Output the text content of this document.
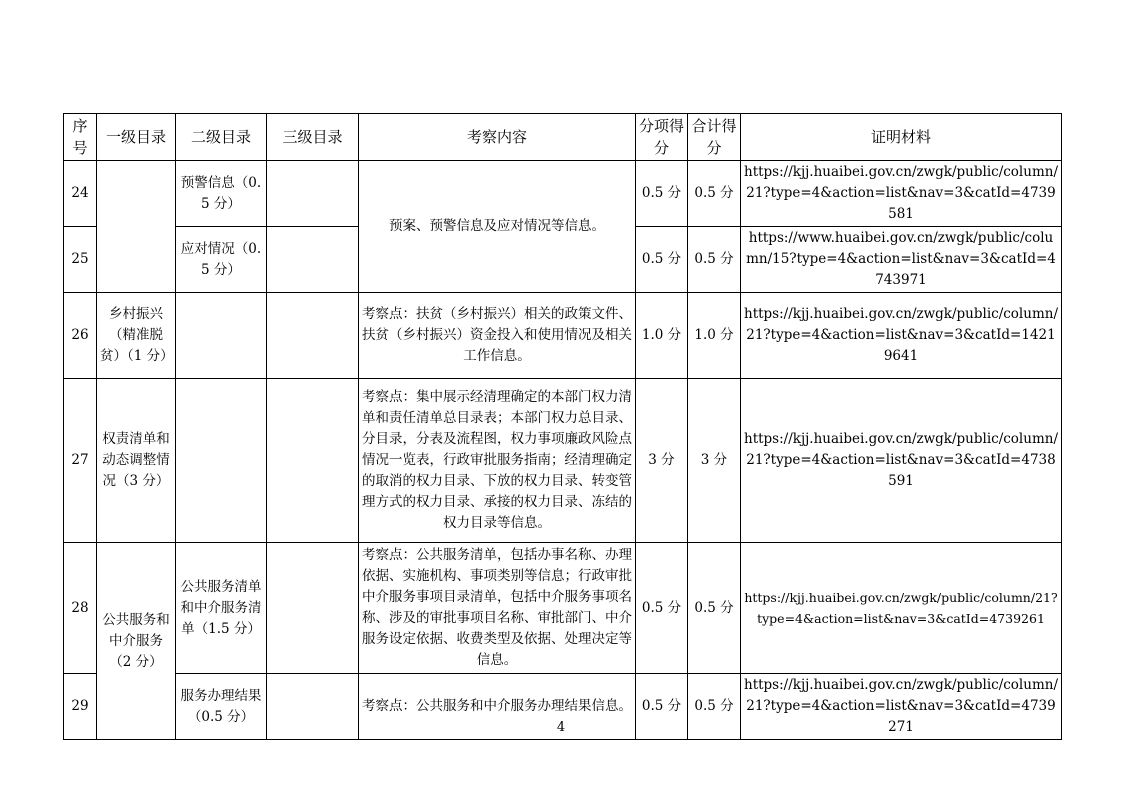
序号	一级目录	二级目录	三级目录	考察内容	分项得分	合计得分	证明材料
24		预警信息（0.5 分）		预案、预警信息及应对情况等信息。	0.5 分	0.5 分	https://kjj.huaibei.gov.cn/zwgk/public/column/21?type=4&action=list&nav=3&catId=4739581
25		应对情况（0.5 分）			0.5 分	0.5 分	https://www.huaibei.gov.cn/zwgk/public/column/15?type=4&action=list&nav=3&catId=4743971
26	乡村振兴（精准脱贫）（1 分）			考察点：扶贫（乡村振兴）相关的政策文件、扶贫（乡村振兴）资金投入和使用情况及相关工作信息。	1.0 分	1.0 分	https://kjj.huaibei.gov.cn/zwgk/public/column/21?type=4&action=list&nav=3&catId=14219641
27	权责清单和动态调整情况（3 分）			考察点：集中展示经清理确定的本部门权力清单和责任清单总目录表；本部门权力总目录、分目录，分表及流程图，权力事项廉政风险点情况一览表，行政审批服务指南；经清理确定的取消的权力目录、下放的权力目录、转变管理方式的权力目录、承接的权力目录、冻结的权力目录等信息。	3 分	3 分	https://kjj.huaibei.gov.cn/zwgk/public/column/21?type=4&action=list&nav=3&catId=4738591
28	公共服务和中介服务（2 分）	公共服务清单和中介服务清单（1.5 分）		考察点：公共服务清单，包括办事名称、办理依据、实施机构、事项类别等信息；行政审批中介服务事项目录清单，包括中介服务事项名称、涉及的审批事项目名称、审批部门、中介服务设定依据、收费类型及依据、处理决定等信息。	0.5 分	0.5 分	https://kjj.huaibei.gov.cn/zwgk/public/column/21?type=4&action=list&nav=3&catId=4739261
29		服务办理结果（0.5 分）		考察点：公共服务和中介服务办理结果信息。	0.5 分	0.5 分	https://kjj.huaibei.gov.cn/zwgk/public/column/21?type=4&action=list&nav=3&catId=4739271
4
